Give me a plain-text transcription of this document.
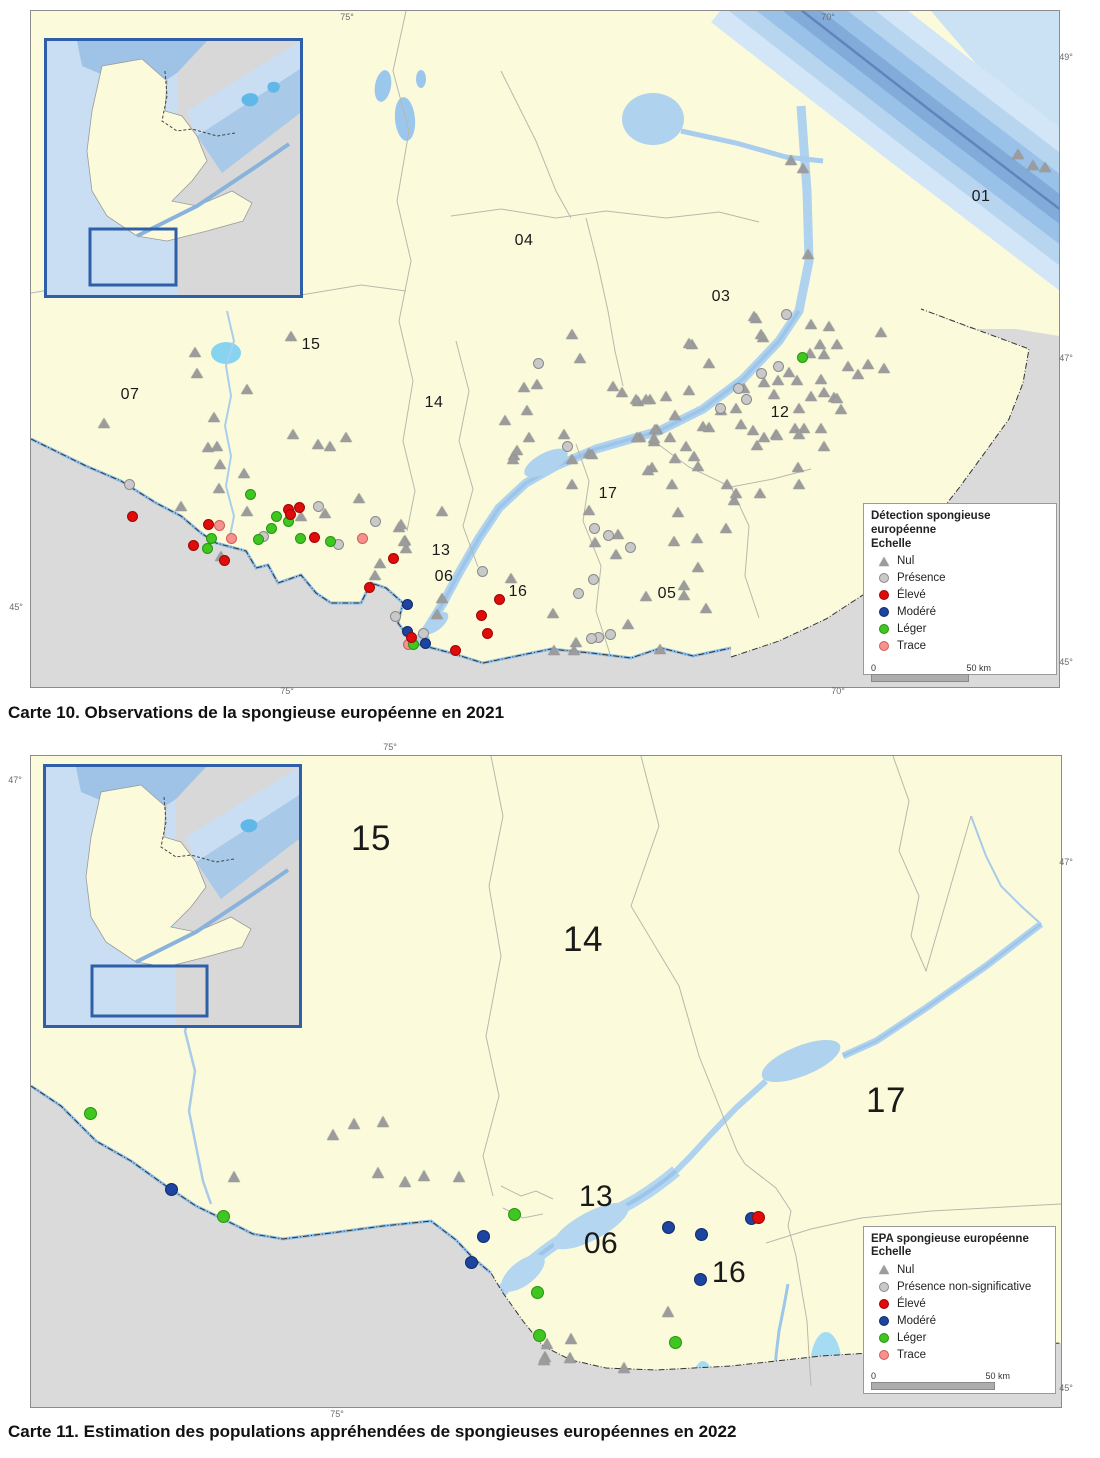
01
03
04
05
06
07
12
13
14
15
16
17
Détection spongieuse européenne
Echelle
Nul
Présence
Élevé
Modéré
Léger
Trace
0	50 km
Carte 10. Observations de la spongieuse européenne en 2021
15
14
17
13
06
16
EPA spongieuse européenne
Echelle
Nul
Présence non-significative
Élevé
Modéré
Léger
Trace
0	50 km
Carte 11. Estimation des populations appréhendées de spongieuses européennes en 2022
75°	70°
49°
47°
45°
45°
75°	70°
75°
47°
47°
45°
75°
